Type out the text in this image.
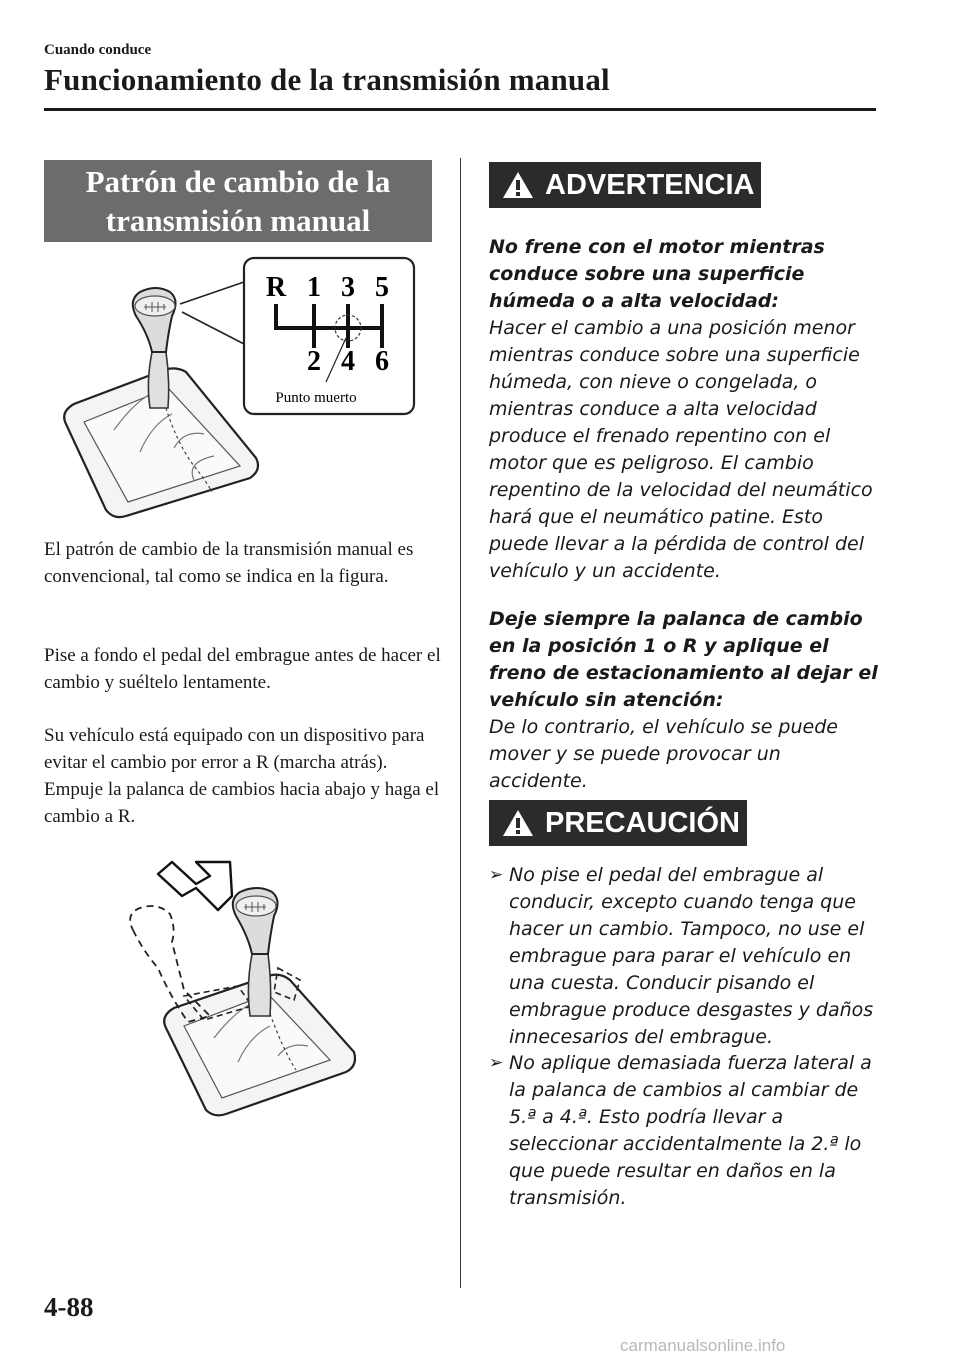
Cuando conduce
Funcionamiento de la transmisión manual
Patrón de cambio de la
transmisión manual
R 1 3 5
2 4 6
Punto muerto
El patrón de cambio de la transmisión manual es convencional, tal como se indica en la figura.
Pise a fondo el pedal del embrague antes de hacer el cambio y suéltelo lentamente.
Su vehículo está equipado con un dispositivo para evitar el cambio por error a R (marcha atrás). Empuje la palanca de cambios hacia abajo y haga el cambio a R.
ADVERTENCIA
No frene con el motor mientras conduce sobre una superficie húmeda o a alta velocidad:
Hacer el cambio a una posición menor mientras conduce sobre una superficie húmeda, con nieve o congelada, o mientras conduce a alta velocidad produce el frenado repentino con el motor que es peligroso. El cambio repentino de la velocidad del neumático hará que el neumático patine. Esto puede llevar a la pérdida de control del vehículo y un accidente.
Deje siempre la palanca de cambio en la posición 1 o R y aplique el freno de estacionamiento al dejar el vehículo sin atención:
De lo contrario, el vehículo se puede mover y se puede provocar un accidente.
PRECAUCIÓN
➢ No pise el pedal del embrague al conducir, excepto cuando tenga que hacer un cambio. Tampoco, no use el embrague para parar el vehículo en una cuesta. Conducir pisando el embrague produce desgastes y daños innecesarios del embrague.
➢ No aplique demasiada fuerza lateral a la palanca de cambios al cambiar de 5.ª a 4.ª. Esto podría llevar a seleccionar accidentalmente la 2.ª lo que puede resultar en daños en la transmisión.
4-88
carmanualsonline.info
